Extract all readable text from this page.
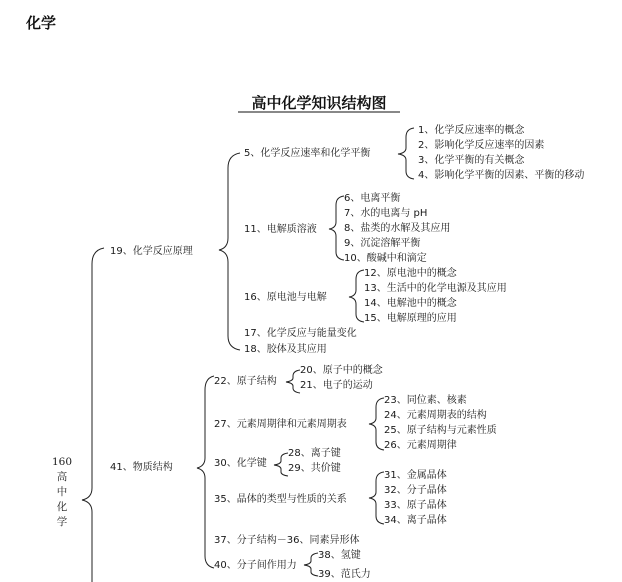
化学
高中化学知识结构图
160
高
中
化
学
19、化学反应原理
41、物质结构
5、化学反应速率和化学平衡
11、电解质溶液
16、原电池与电解
17、化学反应与能量变化
18、胶体及其应用
1、化学反应速率的概念
2、影响化学反应速率的因素
3、化学平衡的有关概念
4、影响化学平衡的因素、平衡的移动
6、电离平衡
7、水的电离与 pH
8、盐类的水解及其应用
9、沉淀溶解平衡
10、酸碱中和滴定
12、原电池中的概念
13、生活中的化学电源及其应用
14、电解池中的概念
15、电解原理的应用
22、原子结构
27、元素周期律和元素周期表
30、化学键
35、晶体的类型与性质的关系
37、分子结构－36、同素异形体
40、分子间作用力
20、原子中的概念
21、电子的运动
23、同位素、核素
24、元素周期表的结构
25、原子结构与元素性质
26、元素周期律
28、离子键
29、共价键
31、金属晶体
32、分子晶体
33、原子晶体
34、离子晶体
38、氢键
39、范氏力
